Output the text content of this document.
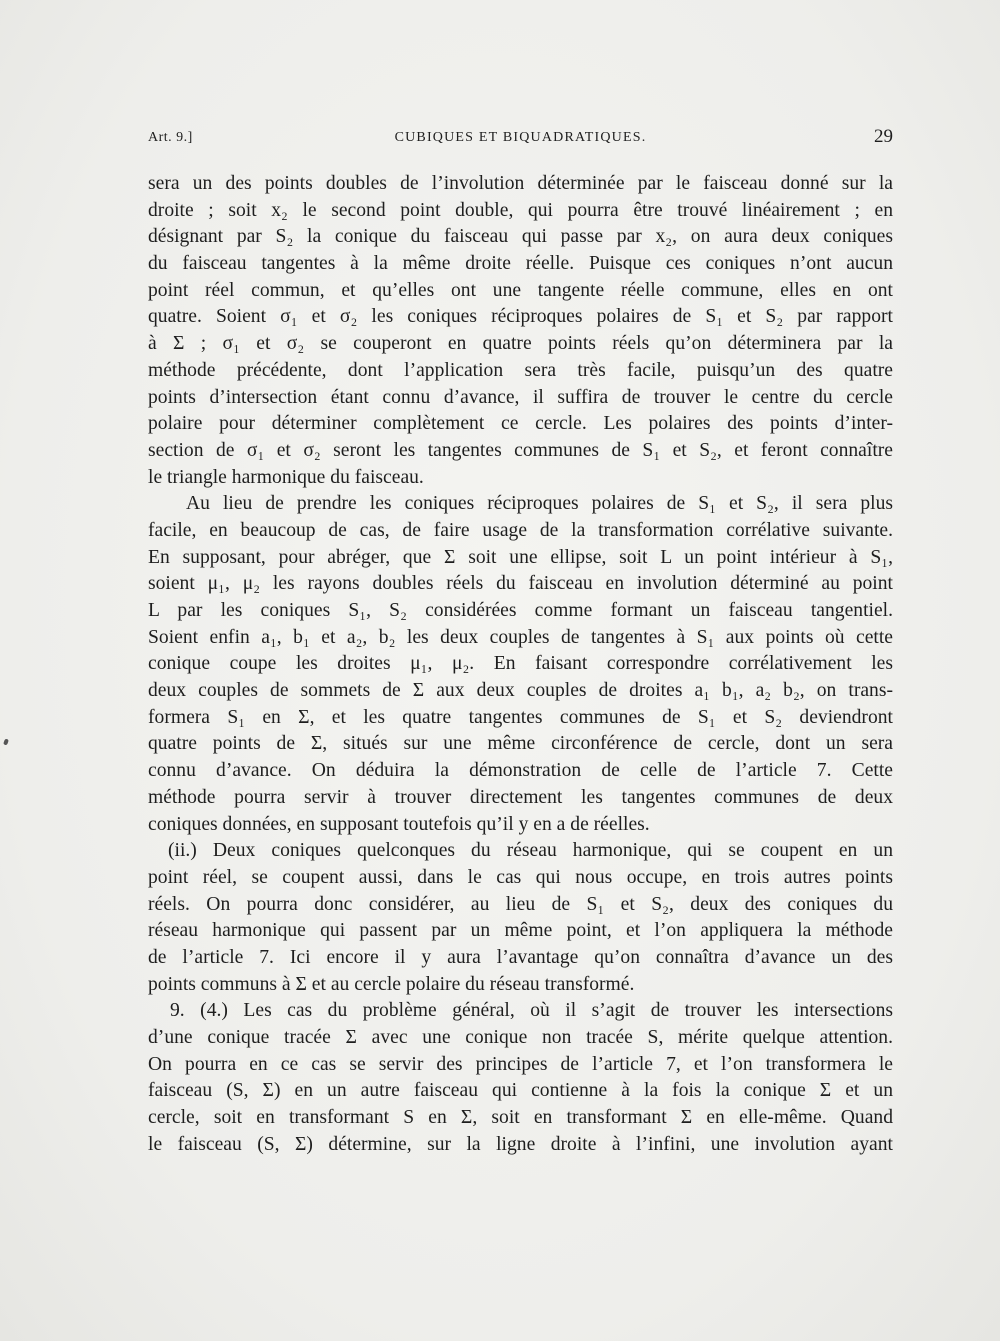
Art. 9.]	CUBIQUES ET BIQUADRATIQUES.	29
sera un des points doubles de l’involution déterminée par le faisceau donné sur la
droite ; soit x₂ le second point double, qui pourra être trouvé linéairement ; en
désignant par S₂ la conique du faisceau qui passe par x₂, on aura deux coniques
du faisceau tangentes à la même droite réelle. Puisque ces coniques n’ont aucun
point réel commun, et qu’elles ont une tangente réelle commune, elles en ont
quatre. Soient σ₁ et σ₂ les coniques réciproques polaires de S₁ et S₂ par rapport
à Σ ; σ₁ et σ₂ se couperont en quatre points réels qu’on déterminera par la
méthode précédente, dont l’application sera très facile, puisqu’un des quatre
points d’intersection étant connu d’avance, il suffira de trouver le centre du cercle
polaire pour déterminer complètement ce cercle. Les polaires des points d’inter-
section de σ₁ et σ₂ seront les tangentes communes de S₁ et S₂, et feront connaître
le triangle harmonique du faisceau.
Au lieu de prendre les coniques réciproques polaires de S₁ et S₂, il sera plus
facile, en beaucoup de cas, de faire usage de la transformation corrélative suivante.
En supposant, pour abréger, que Σ soit une ellipse, soit L un point intérieur à S₁,
soient μ₁, μ₂ les rayons doubles réels du faisceau en involution déterminé au point
L par les coniques S₁, S₂ considérées comme formant un faisceau tangentiel.
Soient enfin a₁, b₁ et a₂, b₂ les deux couples de tangentes à S₁ aux points où cette
conique coupe les droites μ₁, μ₂. En faisant correspondre corrélativement les
deux couples de sommets de Σ aux deux couples de droites a₁ b₁, a₂ b₂, on trans-
formera S₁ en Σ, et les quatre tangentes communes de S₁ et S₂ deviendront
quatre points de Σ, situés sur une même circonférence de cercle, dont un sera
connu d’avance. On déduira la démonstration de celle de l’article 7. Cette
méthode pourra servir à trouver directement les tangentes communes de deux
coniques données, en supposant toutefois qu’il y en a de réelles.
(ii.) Deux coniques quelconques du réseau harmonique, qui se coupent en un
point réel, se coupent aussi, dans le cas qui nous occupe, en trois autres points
réels. On pourra donc considérer, au lieu de S₁ et S₂, deux des coniques du
réseau harmonique qui passent par un même point, et l’on appliquera la méthode
de l’article 7. Ici encore il y aura l’avantage qu’on connaîtra d’avance un des
points communs à Σ et au cercle polaire du réseau transformé.
9. (4.) Les cas du problème général, où il s’agit de trouver les intersections
d’une conique tracée Σ avec une conique non tracée S, mérite quelque attention.
On pourra en ce cas se servir des principes de l’article 7, et l’on transformera le
faisceau (S, Σ) en un autre faisceau qui contienne à la fois la conique Σ et un
cercle, soit en transformant S en Σ, soit en transformant Σ en elle-même. Quand
le faisceau (S, Σ) détermine, sur la ligne droite à l’infini, une involution ayant
